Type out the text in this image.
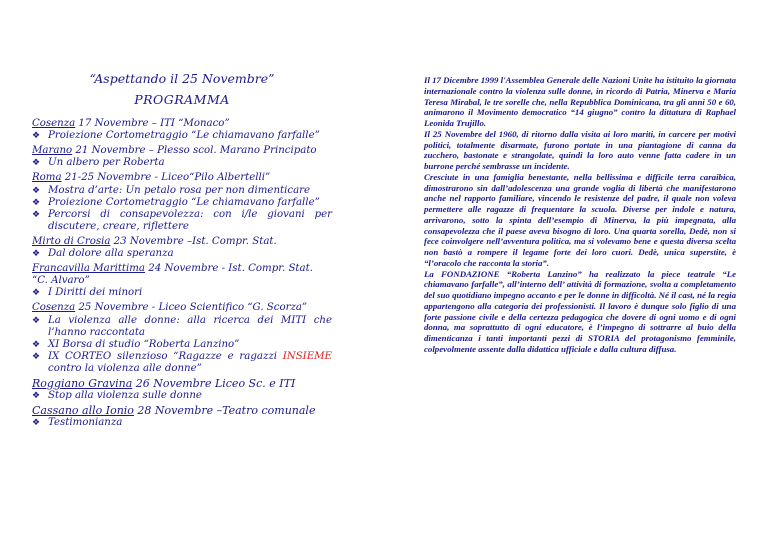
“Aspettando il 25 Novembre”

PROGRAMMA

Cosenza 17 Novembre – ITI “Monaco”

❖ Proiezione Cortometraggio “Le chiamavano farfalle”

Marano 21 Novembre – Plesso scol. Marano Principato

❖ Un albero per Roberta

Roma 21-25 Novembre - Liceo“Pilo Albertelli”

❖ Mostra d’arte: Un petalo rosa per non dimenticare

❖ Proiezione Cortometraggio “Le chiamavano farfalle”

❖ Percorsi di consapevolezza: con i/le giovani per discutere, creare, riflettere

Mirto di Crosia 23 Novembre –Ist. Compr. Stat.

❖ Dal dolore alla speranza

Francavilla Marittima 24 Novembre - Ist. Compr. Stat. “C. Alvaro”

❖ I Diritti dei minori

Cosenza 25 Novembre - Liceo Scientifico “G. Scorza”

❖ La violenza alle donne: alla ricerca dei MITI che l’hanno raccontata

❖ XI Borsa di studio “Roberta Lanzino”

❖ IX CORTEO silenzioso “Ragazze e ragazzi INSIEME contro la violenza alle donne”

Roggiano Gravina 26 Novembre Liceo Sc. e ITI

❖ Stop alla violenza sulle donne

Cassano allo Ionio 28 Novembre –Teatro comunale

❖ Testimonianza

Il 17 Dicembre 1999 l'Assemblea Generale delle Nazioni Unite ha istituito la giornata internazionale contro la violenza sulle donne, in ricordo di Patria, Minerva e María Teresa Mirabal, le tre sorelle che, nella Repubblica Dominicana, tra gli anni 50 e 60, animarono il Movimento democratico “14 giugno” contro la dittatura di Raphael Leonida Trujillo.

Il 25 Novembre del 1960, di ritorno dalla visita ai loro mariti, in carcere per motivi politici, totalmente disarmate, furono portate in una piantagione di canna da zucchero, bastonate e strangolate, quindi la loro auto venne fatta cadere in un burrone perché sembrasse un incidente.

Cresciute in una famiglia benestante, nella bellissima e difficile terra caraibica, dimostrarono sin dall’adolescenza una grande voglia di libertà che manifestarono anche nel rapporto familiare, vincendo le resistenze del padre, il quale non voleva permettere alle ragazze di frequentare la scuola. Diverse per indole e natura, arrivarono, sotto la spinta dell’esempio di Minerva, la più impegnata, alla consapevolezza che il paese aveva bisogno di loro. Una quarta sorella, Dedè, non si fece coinvolgere nell’avventura politica, ma si volevamo bene e questa diversa scelta non bastò a rompere il legame forte dei loro cuori. Dedè, unica superstite, è “l’oracolo che racconta la storia”.

La FONDAZIONE “Roberta Lanzino” ha realizzato la piece teatrale “Le chiamavano farfalle”, all’interno dell’ attività di formazione, svolta a completamento del suo quotidiano impegno accanto e per le donne in difficoltà. Né il cast, né la regia appartengono alla categoria dei professionisti. Il lavoro è dunque solo figlio di una forte passione civile e della certezza pedagogica che dovere di ogni uomo e di ogni donna, ma soprattutto di ogni educatore, è l’impegno di sottrarre al buio della dimenticanza i tanti importanti pezzi di STORIA del protagonismo femminile, colpevolmente assente dalla didattica ufficiale e dalla cultura diffusa.
